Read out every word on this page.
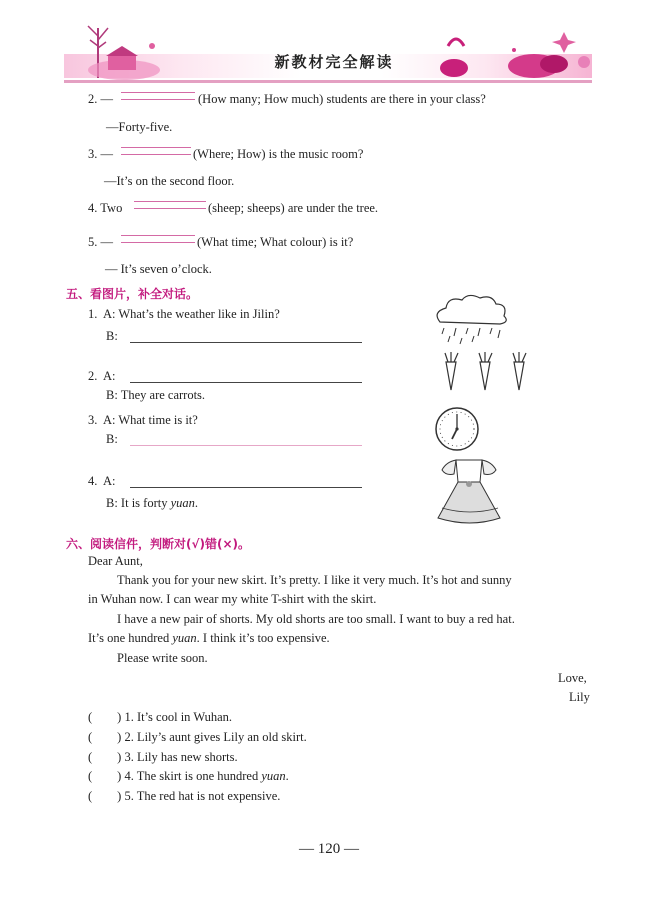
新教材完全解读
2. —	(How many; How much) students are there in your class?
—Forty-five.
3. —	(Where; How) is the music room?
—It’s on the second floor.
4. Two	(sheep; sheeps) are under the tree.
5. —	(What time; What colour) is it?
— It’s seven o’clock.
五、看图片，补全对话。
1. A: What’s the weather like in Jilin?
B:
2. A:
B: They are carrots.
3. A: What time is it?
B:
4. A:
B: It is forty yuan.
六、阅读信件，判断对(√)错(×)。
Dear Aunt,
Thank you for your new skirt. It’s pretty. I like it very much. It’s hot and sunny
in Wuhan now. I can wear my white T-shirt with the skirt.
I have a new pair of shorts. My old shorts are too small. I want to buy a red hat.
It’s one hundred yuan. I think it’s too expensive.
Please write soon.
Love,
Lily
(        ) 1. It’s cool in Wuhan.
(        ) 2. Lily’s aunt gives Lily an old skirt.
(        ) 3. Lily has new shorts.
(        ) 4. The skirt is one hundred yuan.
(        ) 5. The red hat is not expensive.
— 120 —
